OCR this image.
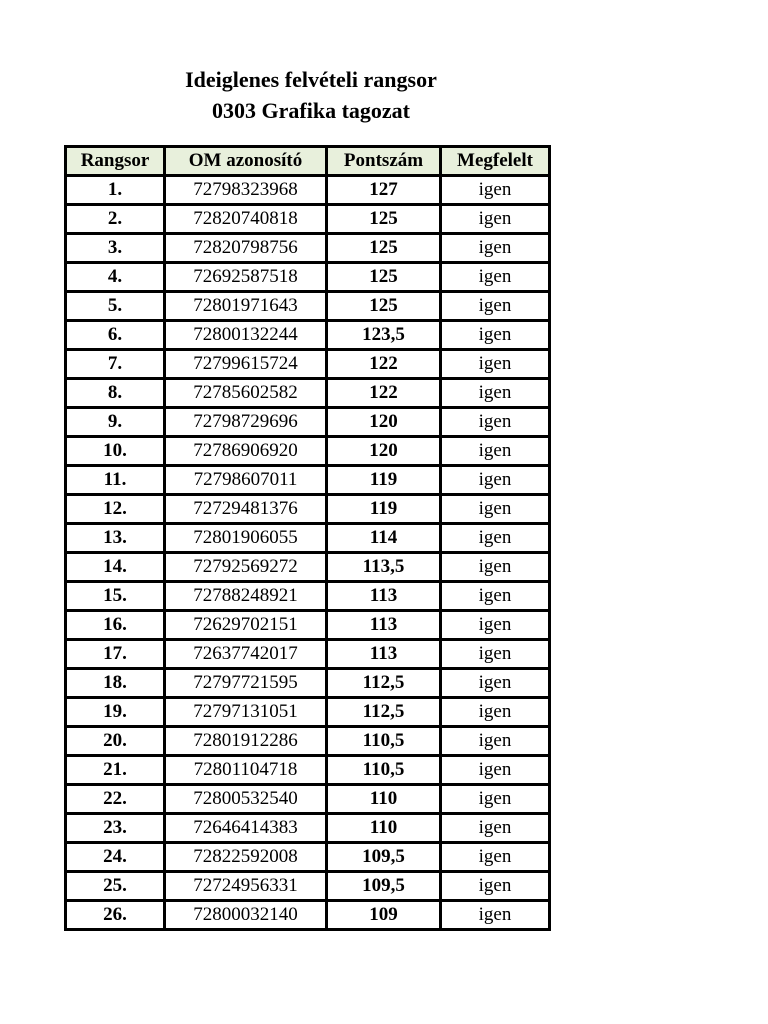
Ideiglenes felvételi rangsor
0303 Grafika tagozat
Rangsor	OM azonosító	Pontszám	Megfelelt
1.	72798323968	127	igen
2.	72820740818	125	igen
3.	72820798756	125	igen
4.	72692587518	125	igen
5.	72801971643	125	igen
6.	72800132244	123,5	igen
7.	72799615724	122	igen
8.	72785602582	122	igen
9.	72798729696	120	igen
10.	72786906920	120	igen
11.	72798607011	119	igen
12.	72729481376	119	igen
13.	72801906055	114	igen
14.	72792569272	113,5	igen
15.	72788248921	113	igen
16.	72629702151	113	igen
17.	72637742017	113	igen
18.	72797721595	112,5	igen
19.	72797131051	112,5	igen
20.	72801912286	110,5	igen
21.	72801104718	110,5	igen
22.	72800532540	110	igen
23.	72646414383	110	igen
24.	72822592008	109,5	igen
25.	72724956331	109,5	igen
26.	72800032140	109	igen
